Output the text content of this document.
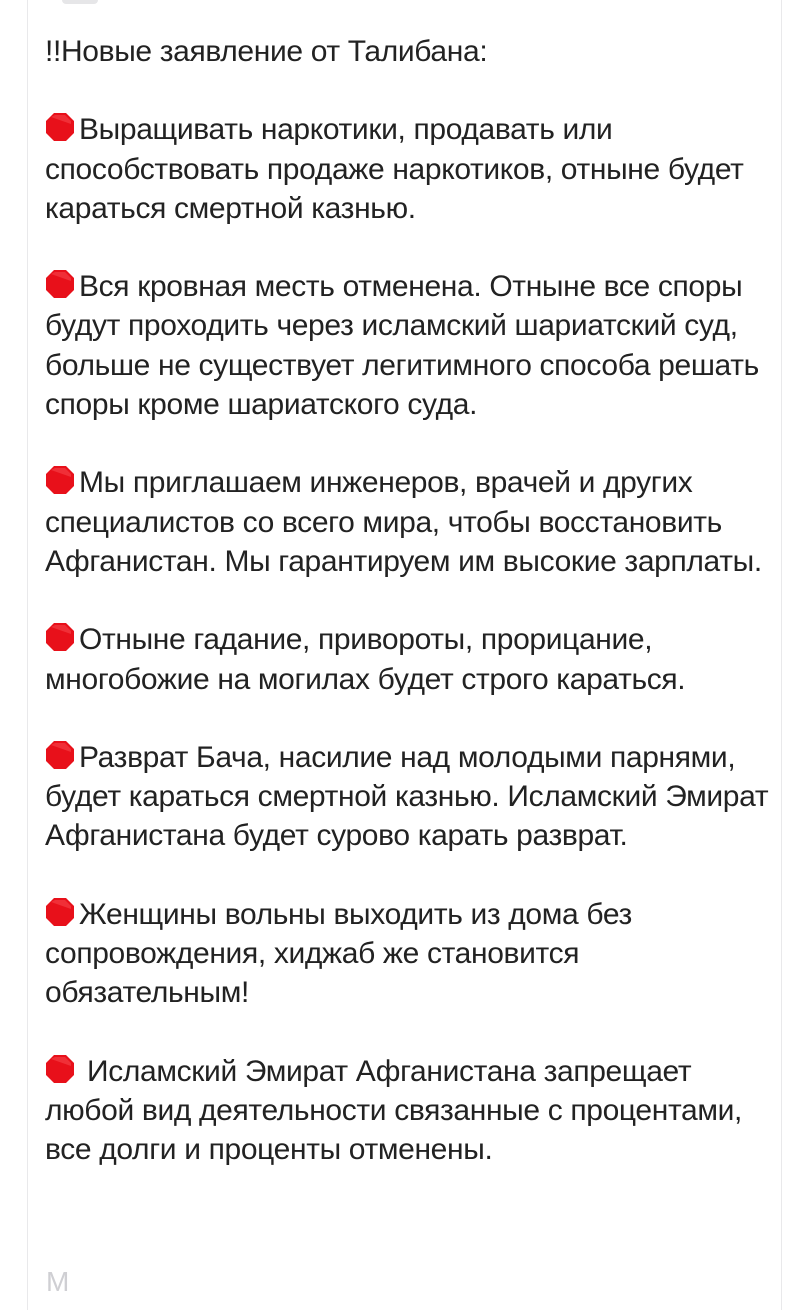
!!Новые заявление от Талибана:

Выращивать наркотики, продавать или способствовать продаже наркотиков, отныне будет караться смертной казнью.

Вся кровная месть отменена. Отныне все споры будут проходить через исламский шариатский суд, больше не существует легитимного способа решать споры кроме шариатского суда.

Мы приглашаем инженеров, врачей и других специалистов со всего мира, чтобы восстановить Афганистан. Мы гарантируем им высокие зарплаты.

Отныне гадание, привороты, прорицание, многобожие на могилах будет строго караться.

Разврат Бача, насилие над молодыми парнями, будет караться смертной казнью. Исламский Эмират Афганистана будет сурово карать разврат.

Женщины вольны выходить из дома без сопровождения, хиджаб же становится обязательным!

Исламский Эмират Афганистана запрещает любой вид деятельности связанные с процентами, все долги и проценты отменены.

М
